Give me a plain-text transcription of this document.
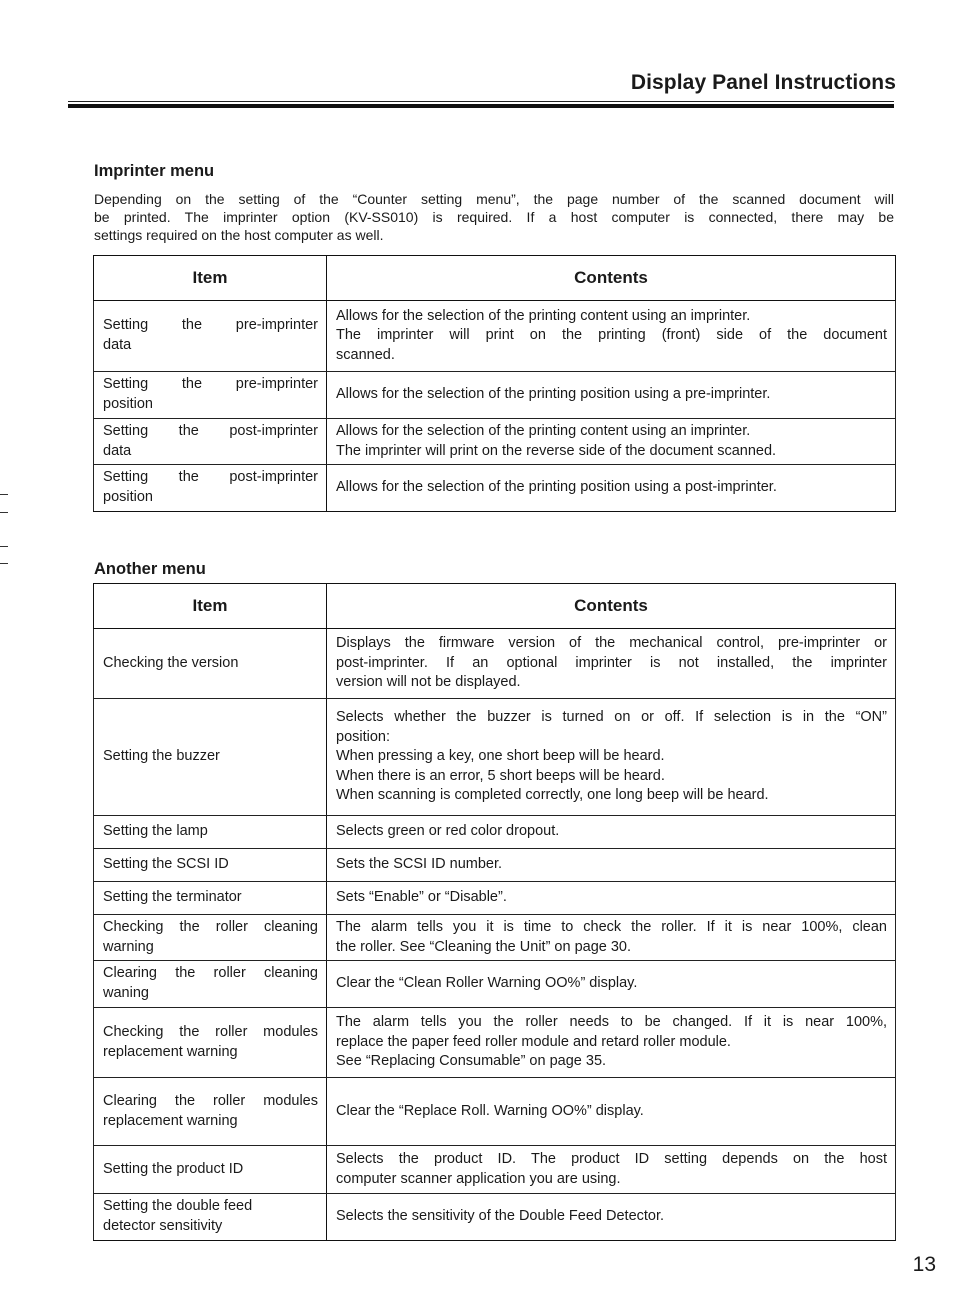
Display Panel Instructions
Imprinter menu

Depending on the setting of the “Counter setting menu”, the page number of the scanned document will
be printed. The imprinter option (KV-SS010) is required. If a host computer is connected, there may be
settings required on the host computer as well.

Item	Contents

Setting the pre-imprinter
data	Allows for the selection of the printing content using an imprinter.
The imprinter will print on the printing (front) side of the document
scanned.

Setting the pre-imprinter
position	Allows for the selection of the printing position using a pre-imprinter.

Setting the post-imprinter
data	Allows for the selection of the printing content using an imprinter.
The imprinter will print on the reverse side of the document scanned.

Setting the post-imprinter
position	Allows for the selection of the printing position using a post-imprinter.
Another menu
Item	Contents

Checking the version	Displays the firmware version of the mechanical control, pre-imprinter or
post-imprinter. If an optional imprinter is not installed, the imprinter
version will not be displayed.

Setting the buzzer	Selects whether the buzzer is turned on or off. If selection is in the “ON”
position:
When pressing a key, one short beep will be heard.
When there is an error, 5 short beeps will be heard.
When scanning is completed correctly, one long beep will be heard.

Setting the lamp	Selects green or red color dropout.

Setting the SCSI ID	Sets the SCSI ID number.

Setting the terminator	Sets “Enable” or “Disable”.

Checking the roller cleaning
warning	The alarm tells you it is time to check the roller. If it is near 100%, clean
the roller. See “Cleaning the Unit” on page 30.

Clearing the roller cleaning
waning	Clear the “Clean Roller Warning OO%” display.

Checking the roller modules
replacement warning	The alarm tells you the roller needs to be changed. If it is near 100%,
replace the paper feed roller module and retard roller module.
See “Replacing Consumable” on page 35.

Clearing the roller modules
replacement warning	Clear the “Replace Roll. Warning OO%” display.

Setting the product ID	Selects the product ID. The product ID setting depends on the host
computer scanner application you are using.

Setting the double feed
detector sensitivity	Selects the sensitivity of the Double Feed Detector.
13
